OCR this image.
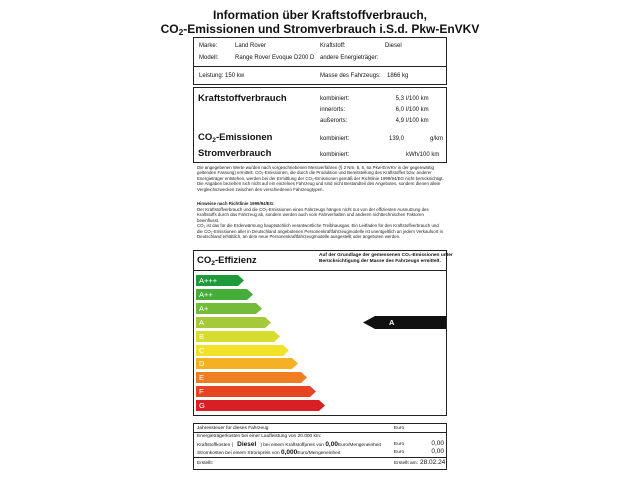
Information über Kraftstoffverbrauch,
$CO_2$-Emissionen und Stromverbrauch i.S.d. Pkw-EnVKV
Marke:	Land Rover	Kraftstoff:	Diesel
Modell:	Range Rover Evoque D200 D andere Energieträger:
Leistung: 150 kw	Masse des Fahrzeugs: 1866 kg
Kraftstoffverbrauch	kombiniert:	5,3 l/100 km
innerorts:	6,0 l/100 km
außerorts:	4,9 l/100 km
$CO_2$-Emissionen	kombiniert:	139,0	g/km
Stromverbrauch	kombiniert:	kWh/100 km
Die angegebenen Werte wurden nach vorgeschriebenen Messverfahren (§ 2 Nrn. 5, 6, 6a Pkw-EnVKV in der gegenwärtig
geltenden Fassung) ermittelt. CO₂-Emissionen, die durch die Produktion und Bereitstellung des Kraftstoffes bzw. anderer
Energieträger entstehen, werden bei der Ermittlung der CO₂-Emissionen gemäß der Richtlinie 1999/94/EG nicht berücksichtigt.
Die Angaben beziehen sich nicht auf ein einzelnes Fahrzeug und sind nicht Bestandteil des Angebotes, sondern dienen allein
Vergleichszwecken zwischen den verschiedenen Fahrzeugtypen.
Hinweise nach Richtlinie 1999/94/EG:
Der Kraftstoffverbrauch und die CO₂-Emissionen eines Fahrzeugs hängen nicht nur von der effizienten Ausnutzung des
Kraftstoffs durch das Fahrzeug ab, sondern werden auch vom Fahrverhalten und anderen nichttechnischen Faktoren beeinflusst.
CO₂ ist das für die Erderwärmung hauptsächlich verantwortliche Treibhausgas. Ein Leitfaden für den Kraftstoffverbrauch und
die CO₂-Emissionen aller in Deutschland angebotenen Personenkraftfahrzeugmodelle ist unentgeltlich an jedem Verkaufsort in
Deutschland erhältlich, an dem neue Personenkraftfahrzeugmodelle ausgestellt oder angeboten werden.
$CO_2$-Effizienz	Auf der Grundlage der gemessenen CO₂-Emissionen unter
Berücksichtigung der Masse des Fahrzeugs ermittelt.
A+++
A++
A+
A
B
C
D
E
F
G
A
Jahressteuer für dieses Fahrzeug	Euro
Energieträgerkosten bei einer Laufleistung von 20.000 km:
Kraftstoffkosten ( Diesel ) bei einem Kraftstoffpreis von 0,00Euro/Mengeneinheit	Euro	0,00
Stromkosten bei einem Strompreis von 0,000Euro/Mengeneinheit	Euro	0,00
Erstellt:	Erstellt am: 28.02.24
